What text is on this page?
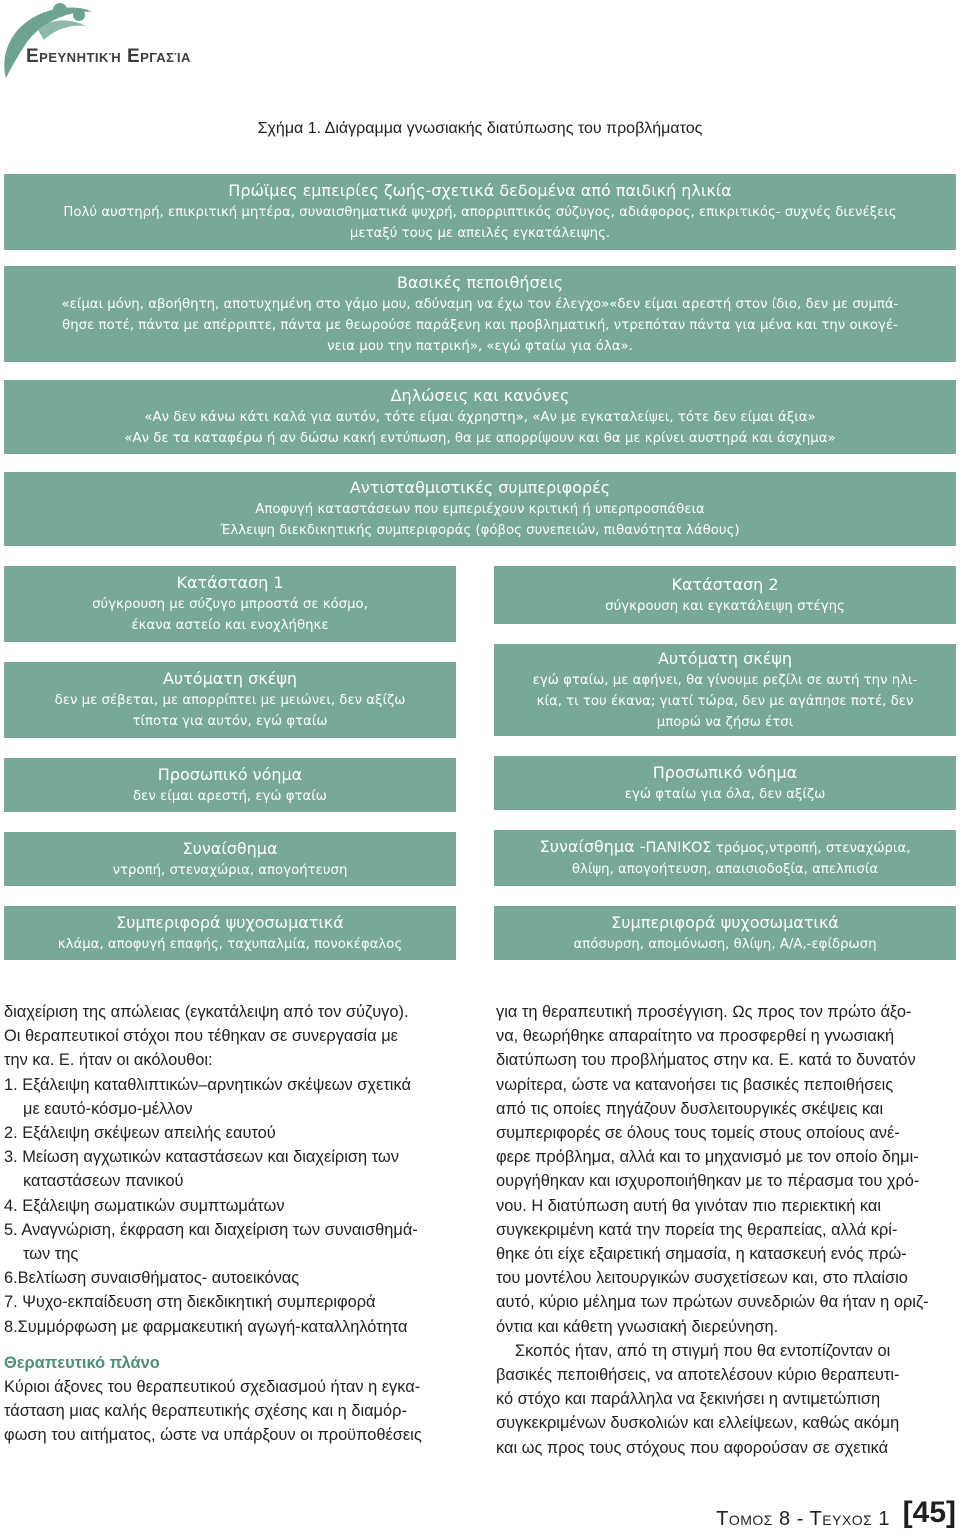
Ερευνητική Εργασία
Σχήμα 1. Διάγραμμα γνωσιακής διατύπωσης του προβλήματος
Πρώϊμες εμπειρίες ζωής-σχετικά δεδομένα από παιδική ηλικία
Πολύ αυστηρή, επικριτική μητέρα, συναισθηματικά ψυχρή, απορριπτικός σύζυγος, αδιάφορος, επικριτικός- συχνές διενέξεις
μεταξύ τους με απειλές εγκατάλειψης.
Βασικές πεποιθήσεις
«είμαι μόνη, αβοήθητη, αποτυχημένη στο γάμο μου, αδύναμη να έχω τον έλεγχο»«δεν είμαι αρεστή στον ίδιο, δεν με συμπά-
θησε ποτέ, πάντα με απέρριπτε, πάντα με θεωρούσε παράξενη και προβληματική, ντρεπόταν πάντα για μένα και την οικογέ-
νεια μου την πατρική», «εγώ φταίω για όλα».
Δηλώσεις και κανόνες
«Αν δεν κάνω κάτι καλά για αυτόν, τότε είμαι άχρηστη», «Αν με εγκαταλείψει, τότε δεν είμαι άξια»
«Αν δε τα καταφέρω ή αν δώσω κακή εντύπωση, θα με απορρίψουν και θα με κρίνει αυστηρά και άσχημα»
Αντισταθμιστικές συμπεριφορές
Αποφυγή καταστάσεων που εμπεριέχουν κριτική ή υπερπροσπάθεια
Έλλειψη διεκδικητικής συμπεριφοράς (φόβος συνεπειών, πιθανότητα λάθους)
Κατάσταση 1
σύγκρουση με σύζυγο μπροστά σε κόσμο,
έκανα αστείο και ενοχλήθηκε
Αυτόματη σκέψη
δεν με σέβεται, με απορρίπτει με μειώνει, δεν αξίζω
τίποτα για αυτόν, εγώ φταίω
Προσωπικό νόημα
δεν είμαι αρεστή, εγώ φταίω
Συναίσθημα
ντροπή, στεναχώρια, απογοήτευση
Συμπεριφορά ψυχοσωματικά
κλάμα, αποφυγή επαφής, ταχυπαλμία, πονοκέφαλος
Κατάσταση 2
σύγκρουση και εγκατάλειψη στέγης
Αυτόματη σκέψη
εγώ φταίω, με αφήνει, θα γίνουμε ρεζίλι σε αυτή την ηλι-
κία, τι του έκανα; γιατί τώρα, δεν με αγάπησε ποτέ, δεν
μπορώ να ζήσω έτσι
Προσωπικό νόημα
εγώ φταίω για όλα, δεν αξίζω
Συναίσθημα -ΠΑΝΙΚΟΣ τρόμος,ντροπή, στεναχώρια,
θλίψη, απογοήτευση, απαισιοδοξία, απελπισία
Συμπεριφορά ψυχοσωματικά
απόσυρση, απομόνωση, θλίψη, Α/Α,-εφίδρωση

διαχείριση της απώλειας (εγκατάλειψη από τον σύζυγο).

Οι θεραπευτικοί στόχοι που τέθηκαν σε συνεργασία με

την κα. Ε. ήταν οι ακόλουθοι:

1. Εξάλειψη καταθλιπτικών–αρνητικών σκέψεων σχετικά

με εαυτό-κόσμο-μέλλον

2. Εξάλειψη σκέψεων απειλής εαυτού

3. Μείωση αγχωτικών καταστάσεων και διαχείριση των

καταστάσεων πανικού

4. Εξάλειψη σωματικών συμπτωμάτων

5. Αναγνώριση, έκφραση και διαχείριση των συναισθημά-

των της

6.Βελτίωση συναισθήματος- αυτοεικόνας

7. Ψυχο-εκπαίδευση στη διεκδικητική συμπεριφορά

8.Συμμόρφωση με φαρμακευτική αγωγή-καταλληλότητα

Θεραπευτικό πλάνο

Κύριοι άξονες του θεραπευτικού σχεδιασμού ήταν η εγκα-

τάσταση μιας καλής θεραπευτικής σχέσης και η διαμόρ-

φωση του αιτήματος, ώστε να υπάρξουν οι προϋποθέσεις

για τη θεραπευτική προσέγγιση. Ως προς τον πρώτο άξο-

να, θεωρήθηκε απαραίτητο να προσφερθεί η γνωσιακή

διατύπωση του προβλήματος στην κα. Ε. κατά το δυνατόν

νωρίτερα, ώστε να κατανοήσει τις βασικές πεποιθήσεις

από τις οποίες πηγάζουν δυσλειτουργικές σκέψεις και

συμπεριφορές σε όλους τους τομείς στους οποίους ανέ-

φερε πρόβλημα, αλλά και το μηχανισμό με τον οποίο δημι-

ουργήθηκαν και ισχυροποιήθηκαν με το πέρασμα του χρό-

νου. Η διατύπωση αυτή θα γινόταν πιο περιεκτική και

συγκεκριμένη κατά την πορεία της θεραπείας, αλλά κρί-

θηκε ότι είχε εξαιρετική σημασία, η κατασκευή ενός πρώ-

του μοντέλου λειτουργικών συσχετίσεων και, στο πλαίσιο

αυτό, κύριο μέλημα των πρώτων συνεδριών θα ήταν η οριζ-

όντια και κάθετη γνωσιακή διερεύνηση.

Σκοπός ήταν, από τη στιγμή που θα εντοπίζονταν οι

βασικές πεποιθήσεις, να αποτελέσουν κύριο θεραπευτι-

κό στόχο και παράλληλα να ξεκινήσει η αντιμετώπιση

συγκεκριμένων δυσκολιών και ελλείψεων, καθώς ακόμη

και ως προς τους στόχους που αφορούσαν σε σχετικά

Τομος 8 - Τευχος 1 [45]
